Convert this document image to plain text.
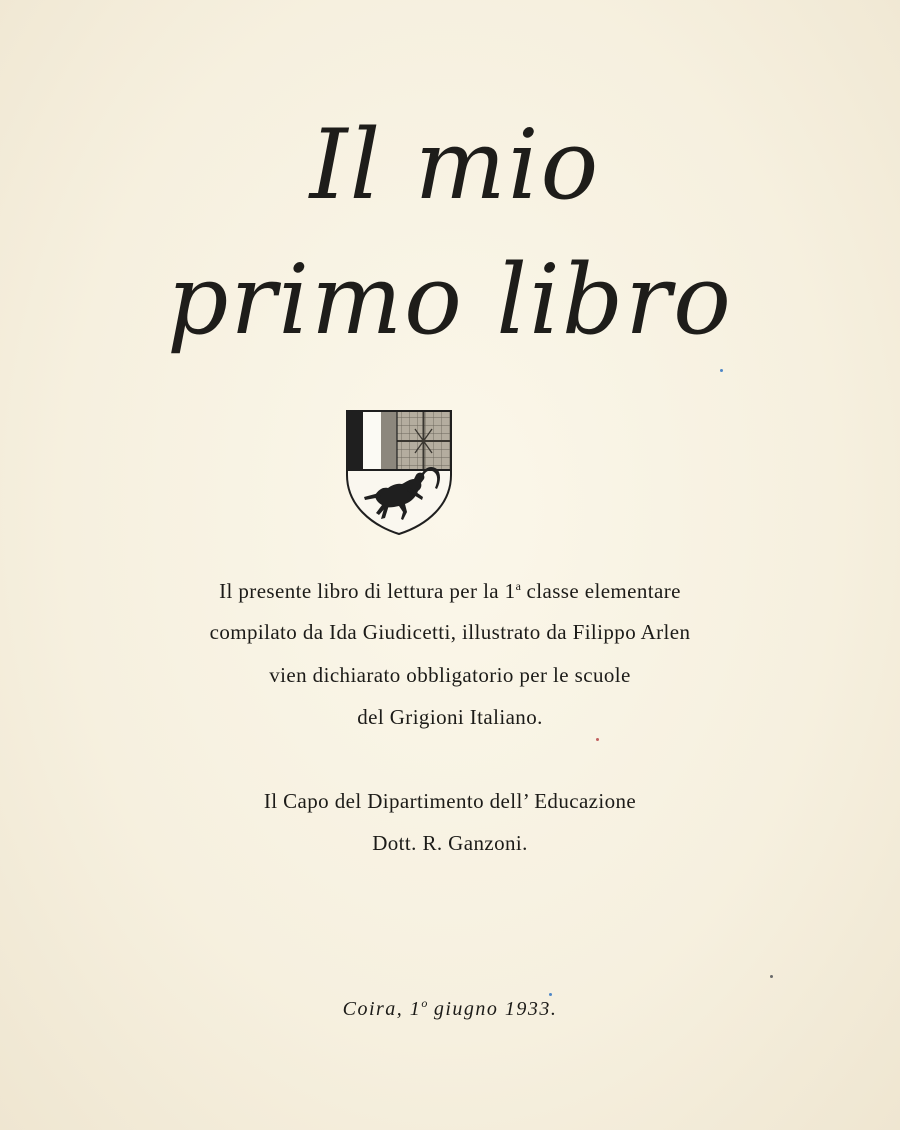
Il mio
primo libro
Il presente libro di lettura per la 1$^a$ classe elementare
compilato da Ida Giudicetti, illustrato da Filippo Arlen
vien dichiarato obbligatorio per le scuole
del Grigioni Italiano.
Il Capo del Dipartimento dell’ Educazione
Dott. R. Ganzoni.
Coira, 1$^o$ giugno 1933.
